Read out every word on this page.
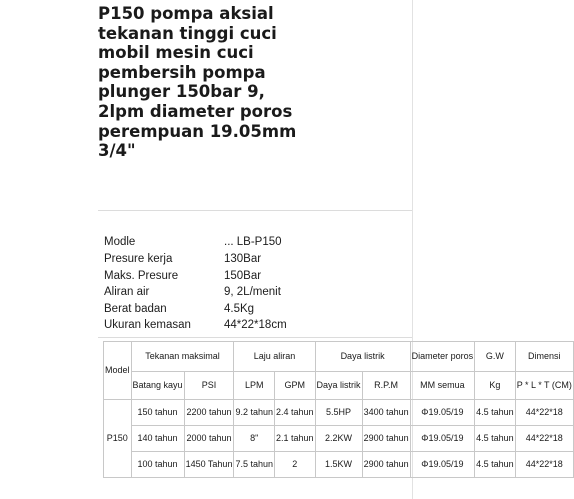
P150 pompa aksial
tekanan tinggi cuci
mobil mesin cuci
pembersih pompa
plunger 150bar 9,
2lpm diameter poros
perempuan 19.05mm
3/4"
Modle	... LB-P150
Presure kerja	130Bar
Maks. Presure	150Bar
Aliran air	9, 2L/menit
Berat badan	4.5Kg
Ukuran kemasan	44*22*18cm
Model	Tekanan maksimal		Laju aliran		Daya listrik		Diameter poros	G.W	Dimensi
	Batang kayu	PSI	LPM	GPM	Daya listrik	R.P.M	MM semua	Kg	P * L * T (CM)
P150	150 tahun	2200 tahun	9.2 tahun	2.4 tahun	5.5HP	3400 tahun	Φ19.05/19	4.5 tahun	44*22*18
	140 tahun	2000 tahun	8"	2.1 tahun	2.2KW	2900 tahun	Φ19.05/19	4.5 tahun	44*22*18
	100 tahun	1450 Tahun	7.5 tahun	2	1.5KW	2900 tahun	Φ19.05/19	4.5 tahun	44*22*18
